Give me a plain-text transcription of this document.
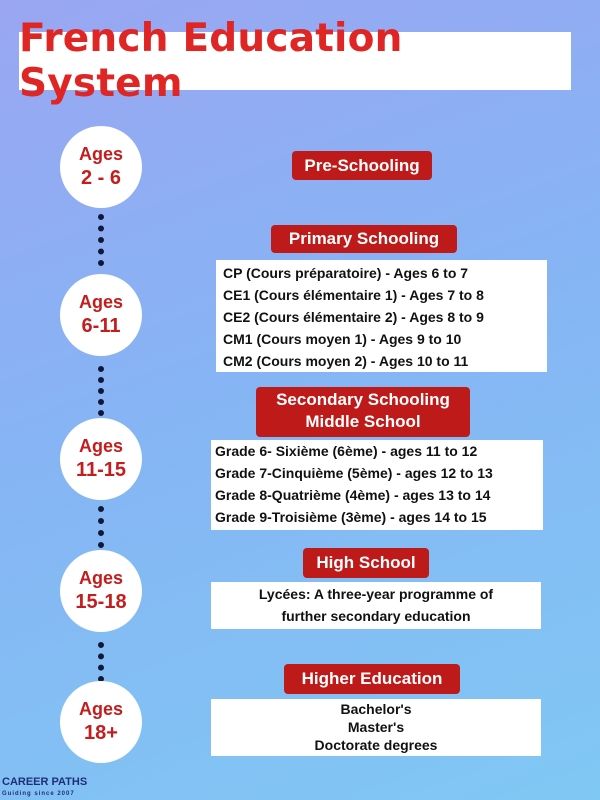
French Education System
Ages
2 - 6
Ages
6-11
Ages
11-15
Ages
15-18
Ages
18+
Pre-Schooling
Primary Schooling
CP (Cours préparatoire) - Ages 6 to 7
CE1 (Cours élémentaire 1) - Ages 7 to 8
CE2 (Cours élémentaire 2) - Ages 8 to 9
CM1 (Cours moyen 1) - Ages 9 to 10
CM2 (Cours moyen 2) - Ages 10 to 11
Secondary Schooling
Middle School
Grade 6- Sixième (6ème) - ages 11 to 12
Grade 7-Cinquième (5ème) - ages 12 to 13
Grade 8-Quatrième (4ème) - ages 13 to 14
Grade 9-Troisième (3ème) - ages 14 to 15
High School
Lycées: A three-year programme of
further secondary education
Higher Education
Bachelor's
Master's
Doctorate degrees
CAREER PATHS
Guiding since 2007
